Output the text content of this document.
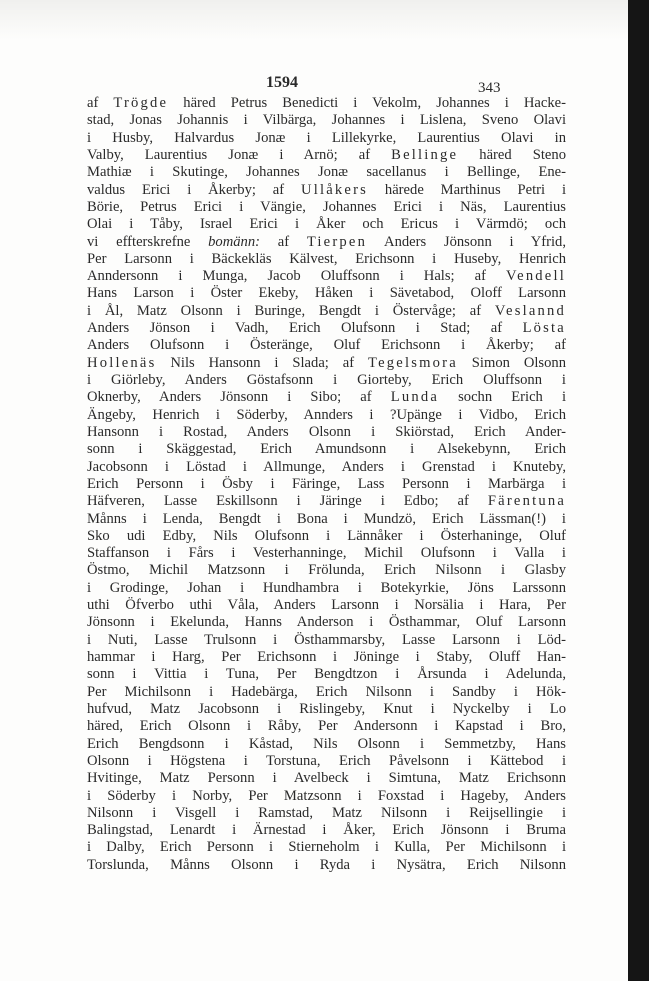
1594	343
af Trögde häred Petrus Benedicti i Vekolm, Johannes i Hacke-
stad, Jonas Johannis i Vilbärga, Johannes i Lislena, Sveno Olavi
i Husby, Halvardus Jonæ i Lillekyrke, Laurentius Olavi in
Valby, Laurentius Jonæ i Arnö; af Bellinge häred Steno
Mathiæ i Skutinge, Johannes Jonæ sacellanus i Bellinge, Ene-
valdus Erici i Åkerby; af Ullåkers härede Marthinus Petri i
Börie, Petrus Erici i Vängie, Johannes Erici i Näs, Laurentius
Olai i Tåby, Israel Erici i Åker och Ericus i Värmdö; och
vi effterskrefne bomänn: af Tierpen Anders Jönsonn i Yfrid,
Per Larsonn i Bäckekläs Kälvest, Erichsonn i Huseby, Henrich
Anndersonn i Munga, Jacob Oluffsonn i Hals; af Vendell
Hans Larson i Öster Ekeby, Håken i Sävetabod, Oloff Larsonn
i Ål, Matz Olsonn i Buringe, Bengdt i Östervåge; af Veslannd
Anders Jönson i Vadh, Erich Olufsonn i Stad; af Lösta
Anders Olufsonn i Österänge, Oluf Erichsonn i Åkerby; af
Hollenäs Nils Hansonn i Slada; af Tegelsmora Simon Olsonn
i Giörleby, Anders Göstafsonn i Giorteby, Erich Oluffsonn i
Oknerby, Anders Jönsonn i Sibo; af Lunda sochn Erich i
Ängeby, Henrich i Söderby, Annders i ?Upänge i Vidbo, Erich
Hansonn i Rostad, Anders Olsonn i Skiörstad, Erich Ander-
sonn i Skäggestad, Erich Amundsonn i Alsekebynn, Erich
Jacobsonn i Löstad i Allmunge, Anders i Grenstad i Knuteby,
Erich Personn i Ösby i Färinge, Lass Personn i Marbärga i
Häfveren, Lasse Eskillsonn i Järinge i Edbo; af Färentuna
Månns i Lenda, Bengdt i Bona i Mundzö, Erich Lässman(!) i
Sko udi Edby, Nils Olufsonn i Lännåker i Österhaninge, Oluf
Staffanson i Fårs i Vesterhanninge, Michil Olufsonn i Valla i
Östmo, Michil Matzsonn i Frölunda, Erich Nilsonn i Glasby
i Grodinge, Johan i Hundhambra i Botekyrkie, Jöns Larssonn
uthi Öfverbo uthi Våla, Anders Larsonn i Norsälia i Hara, Per
Jönsonn i Ekelunda, Hanns Anderson i Östhammar, Oluf Larsonn
i Nuti, Lasse Trulsonn i Östhammarsby, Lasse Larsonn i Löd-
hammar i Harg, Per Erichsonn i Jöninge i Staby, Oluff Han-
sonn i Vittia i Tuna, Per Bengdtzon i Årsunda i Adelunda,
Per Michilsonn i Hadebärga, Erich Nilsonn i Sandby i Hök-
hufvud, Matz Jacobsonn i Rislingeby, Knut i Nyckelby i Lo
häred, Erich Olsonn i Råby, Per Andersonn i Kapstad i Bro,
Erich Bengdsonn i Kåstad, Nils Olsonn i Semmetzby, Hans
Olsonn i Högstena i Torstuna, Erich Påvelsonn i Kättebod i
Hvitinge, Matz Personn i Avelbeck i Simtuna, Matz Erichsonn
i Söderby i Norby, Per Matzsonn i Foxstad i Hageby, Anders
Nilsonn i Visgell i Ramstad, Matz Nilsonn i Reijsellingie i
Balingstad, Lenardt i Ärnestad i Åker, Erich Jönsonn i Bruma
i Dalby, Erich Personn i Stierneholm i Kulla, Per Michilsonn i
Torslunda, Månns Olsonn i Ryda i Nysätra, Erich Nilsonn
